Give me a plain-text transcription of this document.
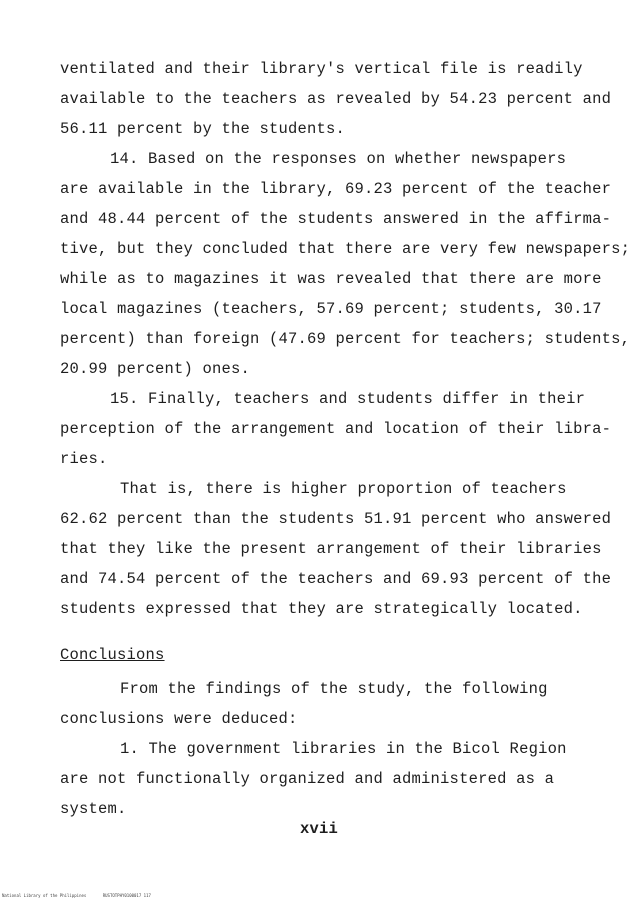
ventilated and their library's vertical file is readily
available to the teachers as revealed by 54.23 percent and
56.11 percent by the students.
14. Based on the responses on whether newspapers
are available in the library, 69.23 percent of the teacher
and 48.44 percent of the students answered in the affirma-
tive, but they concluded that there are very few newspapers;
while as to magazines it was revealed that there are more
local magazines (teachers, 57.69 percent; students, 30.17
percent) than foreign (47.69 percent for teachers; students,
20.99 percent) ones.
15. Finally, teachers and students differ in their
perception of the arrangement and location of their libra-
ries.
That is, there is higher proportion of teachers
62.62 percent than the students 51.91 percent who answered
that they like the present arrangement of their libraries
and 74.54 percent of the teachers and 69.93 percent of the
students expressed that they are strategically located.
Conclusions
From the findings of the study, the following
conclusions were deduced:
1. The government libraries in the Bicol Region
are not functionally organized and administered as a
system.
xvii
National Library of the Philippines	RUSTOTPHY0100017 117
